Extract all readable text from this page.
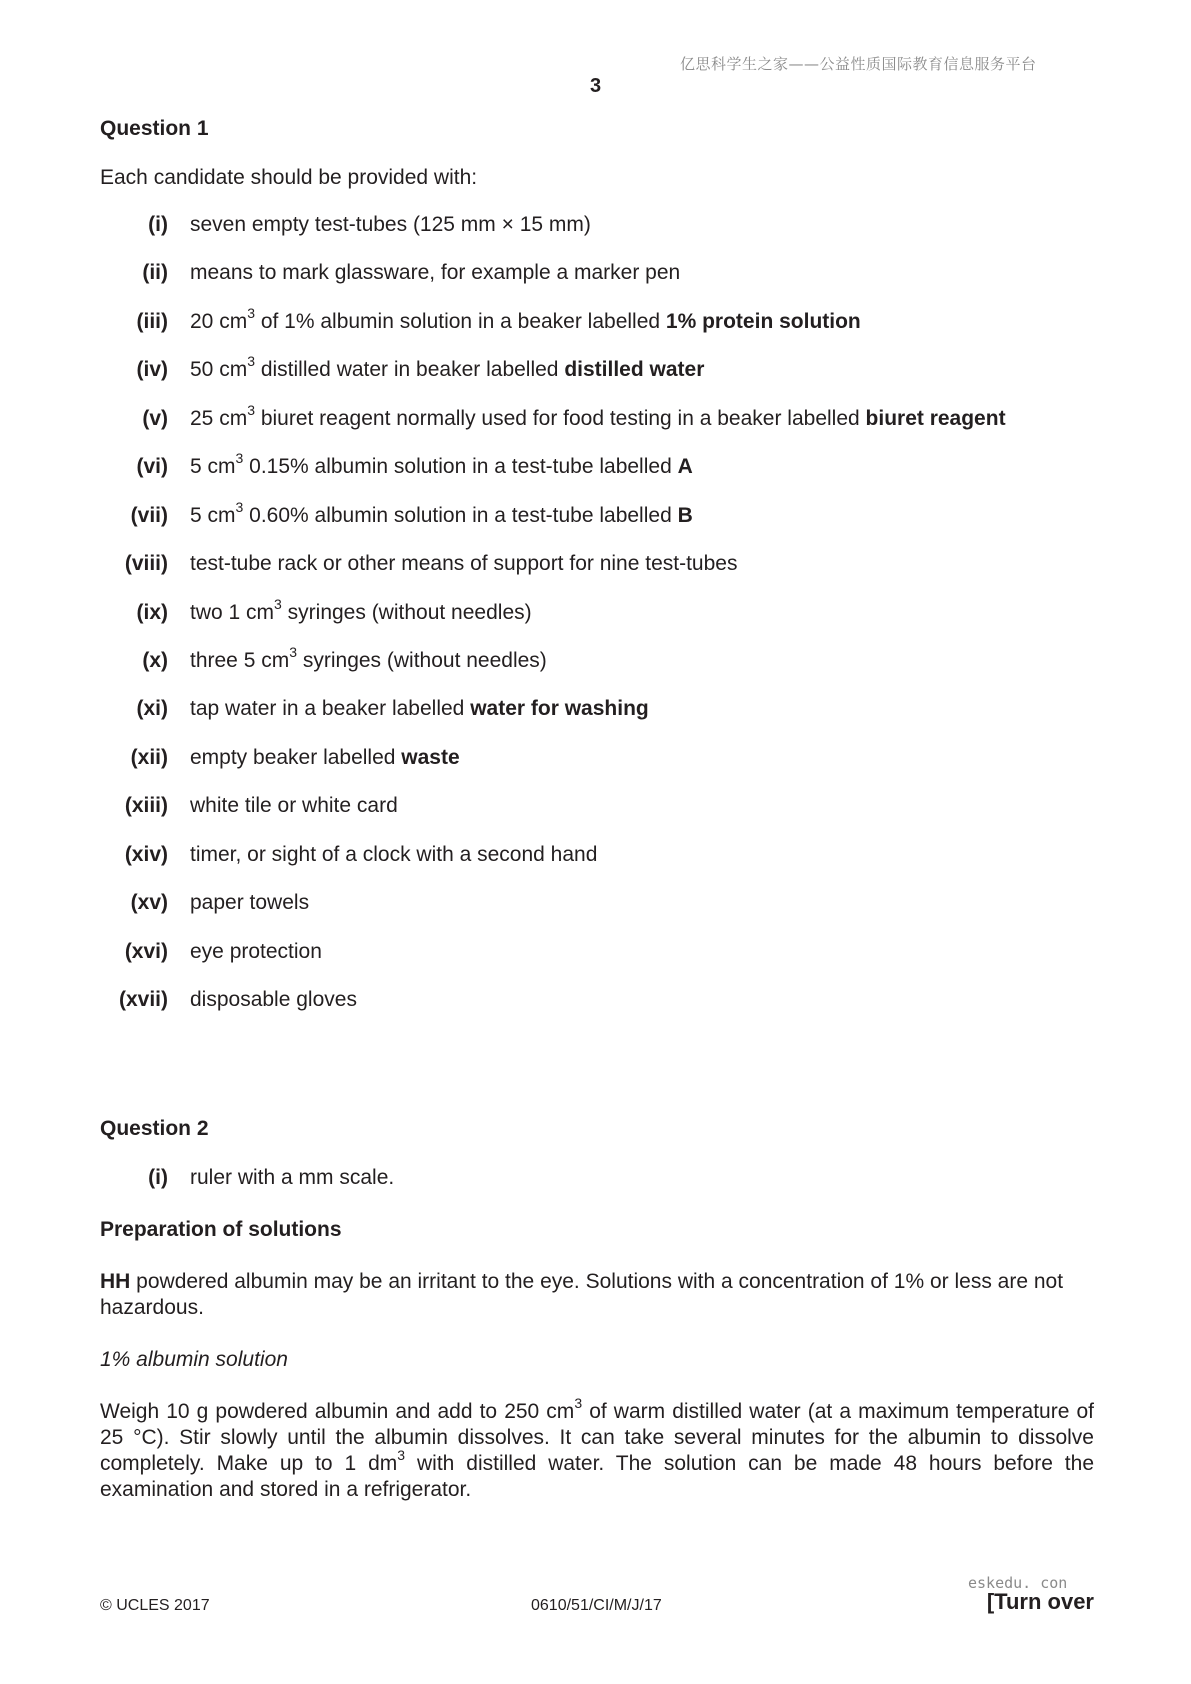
亿思科学生之家——公益性质国际教育信息服务平台
3
Question 1
Each candidate should be provided with:
(i) seven empty test-tubes (125 mm × 15 mm)
(ii) means to mark glassware, for example a marker pen
(iii) 20 $cm^3$ of 1% albumin solution in a beaker labelled 1% protein solution
(iv) 50 $cm^3$ distilled water in beaker labelled distilled water
(v) 25 $cm^3$ biuret reagent normally used for food testing in a beaker labelled biuret reagent
(vi) 5 $cm^3$ 0.15% albumin solution in a test-tube labelled A
(vii) 5 $cm^3$ 0.60% albumin solution in a test-tube labelled B
(viii) test-tube rack or other means of support for nine test-tubes
(ix) two 1 $cm^3$ syringes (without needles)
(x) three 5 $cm^3$ syringes (without needles)
(xi) tap water in a beaker labelled water for washing
(xii) empty beaker labelled waste
(xiii) white tile or white card
(xiv) timer, or sight of a clock with a second hand
(xv) paper towels
(xvi) eye protection
(xvii) disposable gloves
Question 2
(i) ruler with a mm scale.
Preparation of solutions
HH powdered albumin may be an irritant to the eye. Solutions with a concentration of 1% or less are not hazardous.
1% albumin solution
Weigh 10 g powdered albumin and add to 250 $cm^3$ of warm distilled water (at a maximum temperature of 25 °C). Stir slowly until the albumin dissolves. It can take several minutes for the albumin to dissolve completely. Make up to 1 $dm^3$ with distilled water. The solution can be made 48 hours before the examination and stored in a refrigerator.
eskedu. con
© UCLES 2017	0610/51/CI/M/J/17	[Turn over
